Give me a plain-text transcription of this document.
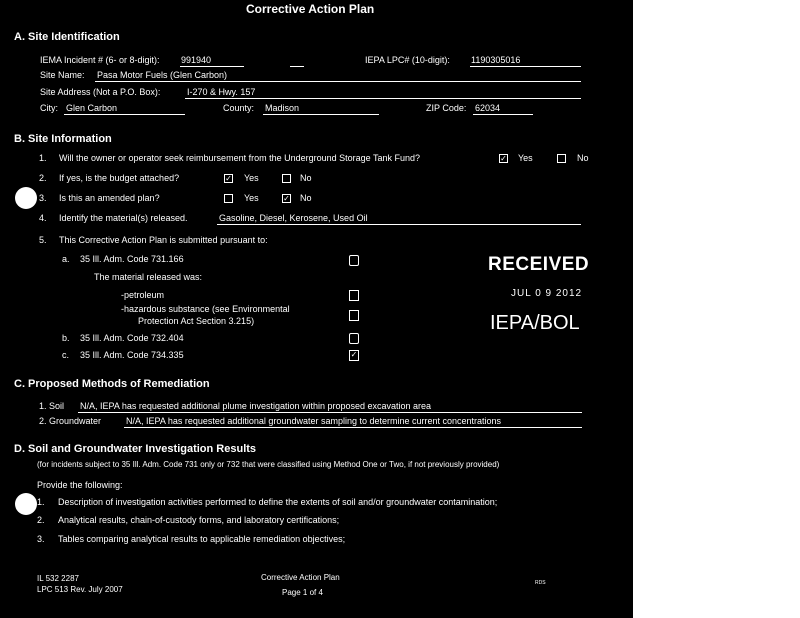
Corrective Action Plan
A. Site Identification
IEMA Incident # (6- or 8-digit): 991940	IEPA LPC# (10-digit): 1190305016
Site Name: Pasa Motor Fuels (Glen Carbon)
Site Address (Not a P.O. Box):	I-270 & Hwy. 157
City: Glen Carbon	County: Madison	ZIP Code: 62034
B. Site Information
1. Will the owner or operator seek reimbursement from the Underground Storage Tank Fund?	✓ Yes	No
2. If yes, is the budget attached?	✓ Yes	No
3. Is this an amended plan?	Yes	✓ No
4. Identify the material(s) released.	Gasoline, Diesel, Kerosene, Used Oil
5. This Corrective Action Plan is submitted pursuant to:
a. 35 Ill. Adm. Code 731.166
The material released was:
-petroleum
-hazardous substance (see Environmental
Protection Act Section 3.215)
b. 35 Ill. Adm. Code 732.404
c. 35 Ill. Adm. Code 734.335	✓
RECEIVED
JUL 0 9 2012
IEPA/BOL
C. Proposed Methods of Remediation
1. Soil N/A, IEPA has requested additional plume investigation within proposed excavation area
2. Groundwater	N/A, IEPA has requested additional groundwater sampling to determine current concentrations
D. Soil and Groundwater Investigation Results
(for incidents subject to 35 Ill. Adm. Code 731 only or 732 that were classified using Method One or Two, if not previously provided)
Provide the following:
1. Description of investigation activities performed to define the extents of soil and/or groundwater contamination;
2. Analytical results, chain-of-custody forms, and laboratory certifications;
3. Tables comparing analytical results to applicable remediation objectives;
IL 532 2287
LPC 513 Rev. July 2007
Corrective Action Plan
Page 1 of 4
RDS
